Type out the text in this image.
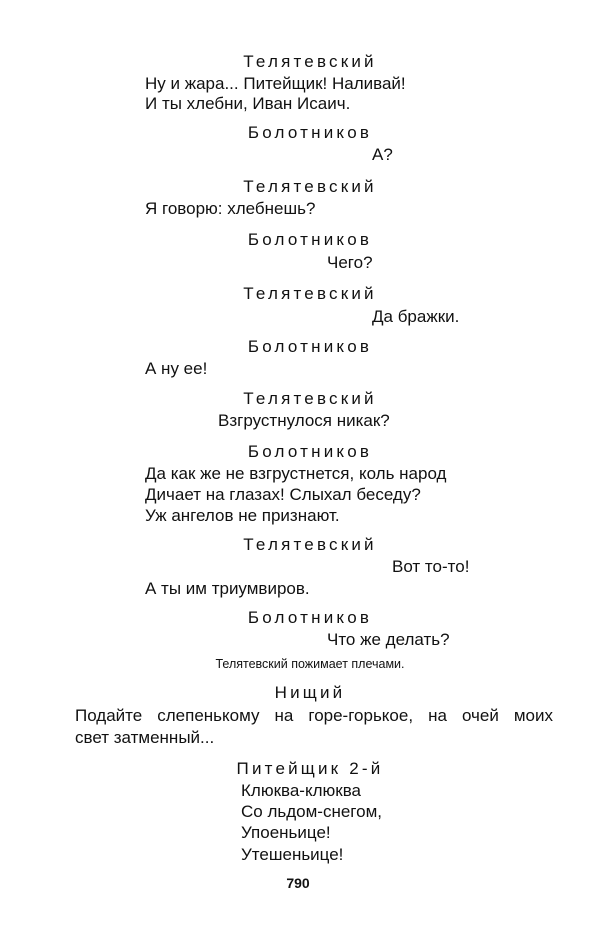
Телятевский
Ну и жара... Питейщик! Наливай!
И ты хлебни, Иван Исаич.
Болотников
А?
Телятевский
Я говорю: хлебнешь?
Болотников
Чего?
Телятевский
Да бражки.
Болотников
А ну ее!
Телятевский
Взгрустнулося никак?
Болотников
Да как же не взгрустнется, коль народ
Дичает на глазах! Слыхал беседу?
Уж ангелов не признают.
Телятевский
Вот то-то!
А ты им триумвиров.
Болотников
Что же делать?
Телятевский пожимает плечами.
Нищий
Подайте слепенькому на горе-горькое, на очей моих
свет затменный...
Питейщик 2-й
Клюква-клюква
Со льдом-снегом,
Упоеньице!
Утешеньице!
790
